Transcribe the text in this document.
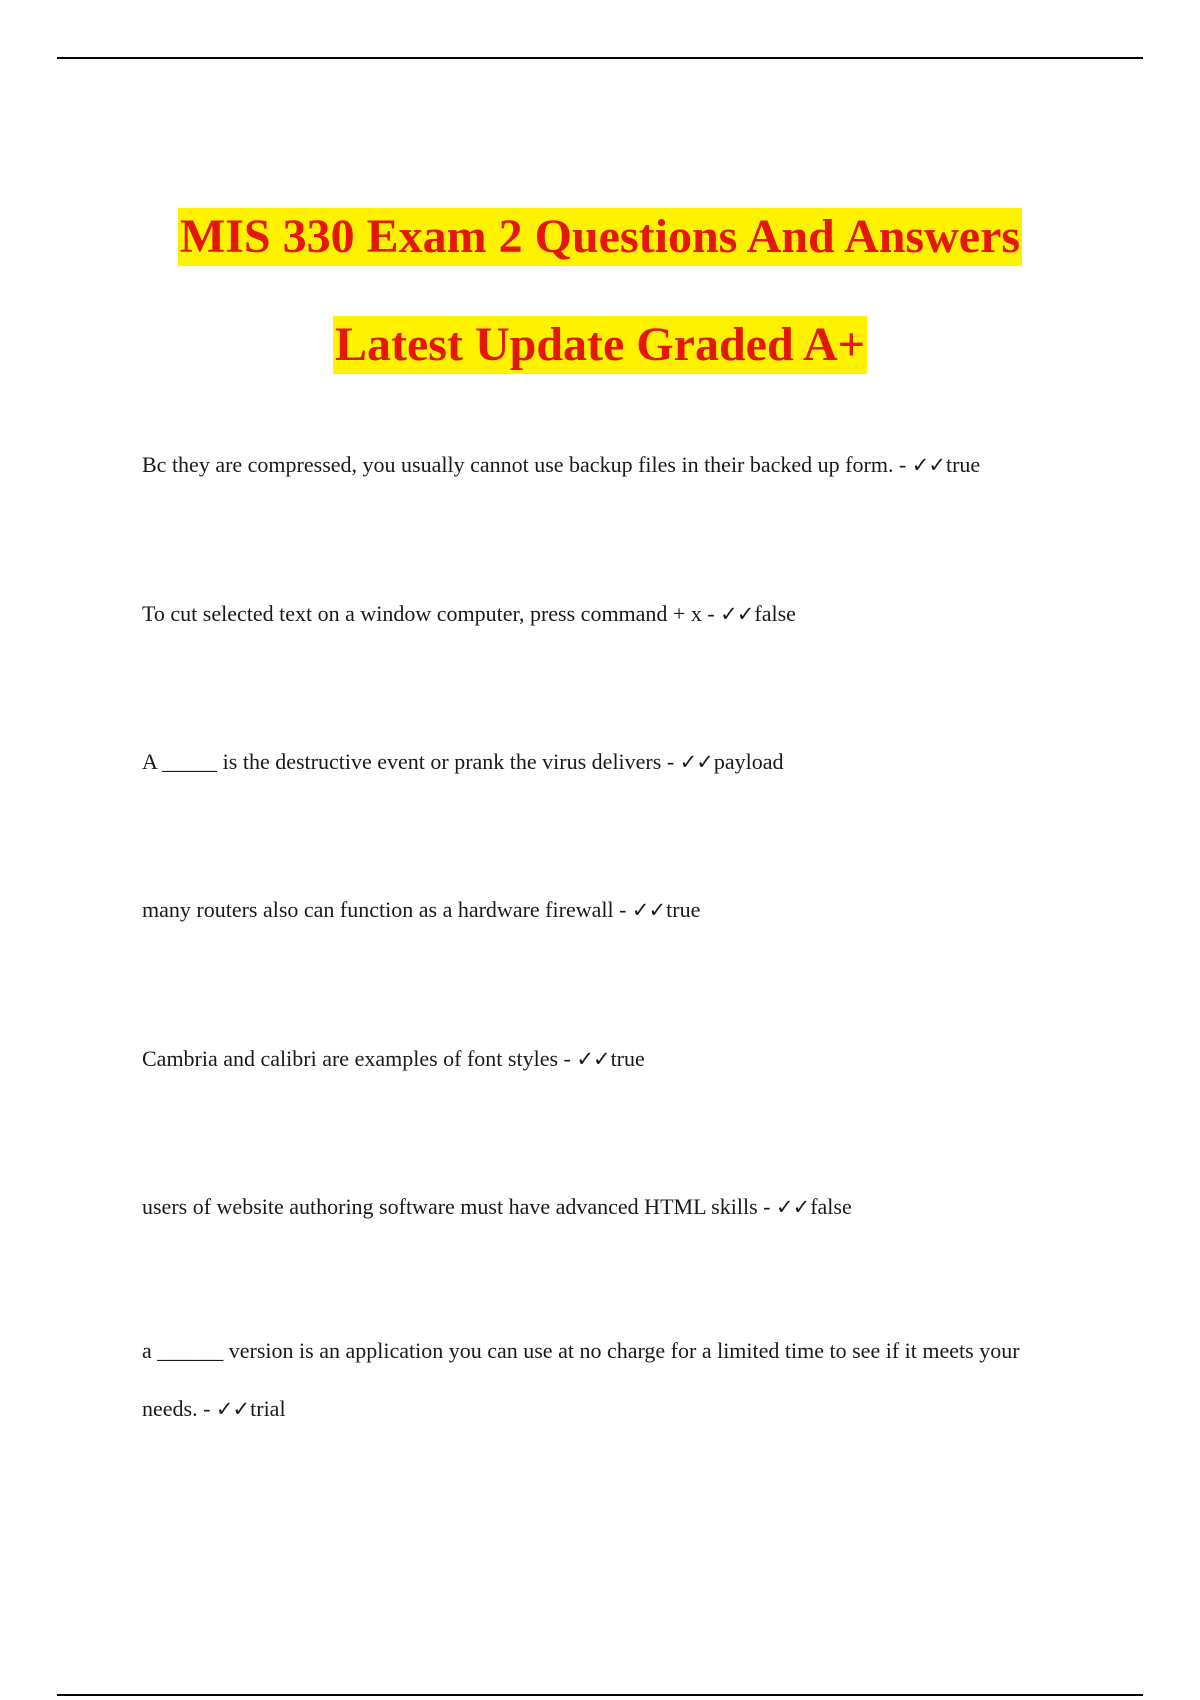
MIS 330 Exam 2 Questions And Answers
Latest Update Graded A+
Bc they are compressed, you usually cannot use backup files in their backed up form. - ✓✓true
To cut selected text on a window computer, press command + x - ✓✓false
A _____ is the destructive event or prank the virus delivers - ✓✓payload
many routers also can function as a hardware firewall - ✓✓true
Cambria and calibri are examples of font styles - ✓✓true
users of website authoring software must have advanced HTML skills - ✓✓false
a ______ version is an application you can use at no charge for a limited time to see if it meets your needs. - ✓✓trial
